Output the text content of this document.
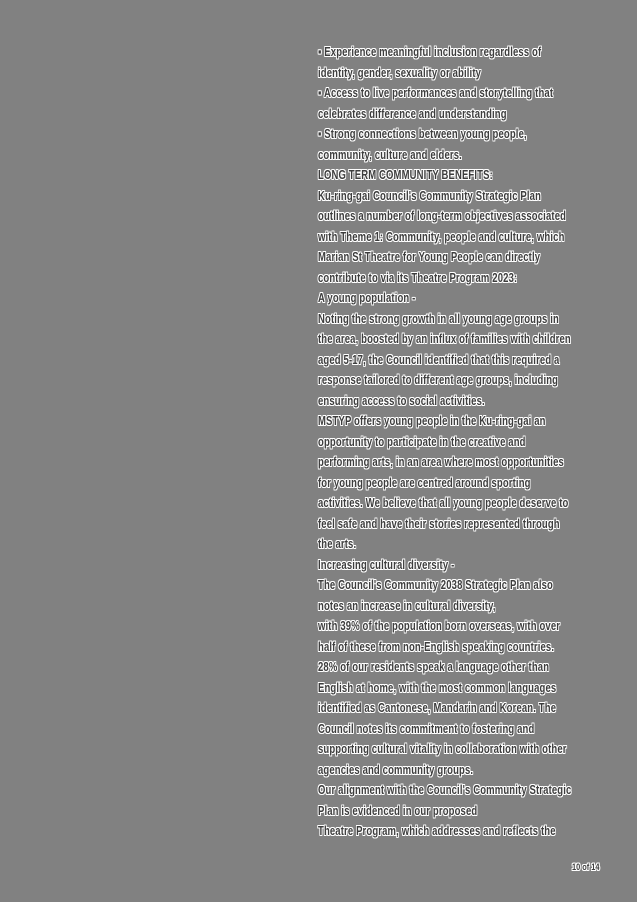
▪ Experience meaningful inclusion regardless of
identity, gender, sexuality or ability
▪ Access to live performances and storytelling that
celebrates difference and understanding
▪ Strong connections between young people,
community, culture and elders.
LONG TERM COMMUNITY BENEFITS:
Ku-ring-gai Council's Community Strategic Plan
outlines a number of long-term objectives associated
with Theme 1: Community, people and culture, which
Marian St Theatre for Young People can directly
contribute to via its Theatre Program 2023:
A young population -
Noting the strong growth in all young age groups in
the area, boosted by an influx of families with children
aged 5-17, the Council identified that this required a
response tailored to different age groups, including
ensuring access to social activities.
MSTYP offers young people in the Ku-ring-gai an
opportunity to participate in the creative and
performing arts, in an area where most opportunities
for young people are centred around sporting
activities. We believe that all young people deserve to
feel safe and have their stories represented through
the arts.
Increasing cultural diversity -
The Council's Community 2038 Strategic Plan also
notes an increase in cultural diversity,
with 39% of the population born overseas, with over
half of these from non-English speaking countries.
28% of our residents speak a language other than
English at home, with the most common languages
identified as Cantonese, Mandarin and Korean. The
Council notes its commitment to fostering and
supporting cultural vitality in collaboration with other
agencies and community groups.
Our alignment with the Council's Community Strategic
Plan is evidenced in our proposed
Theatre Program, which addresses and reflects the
10 of 14
